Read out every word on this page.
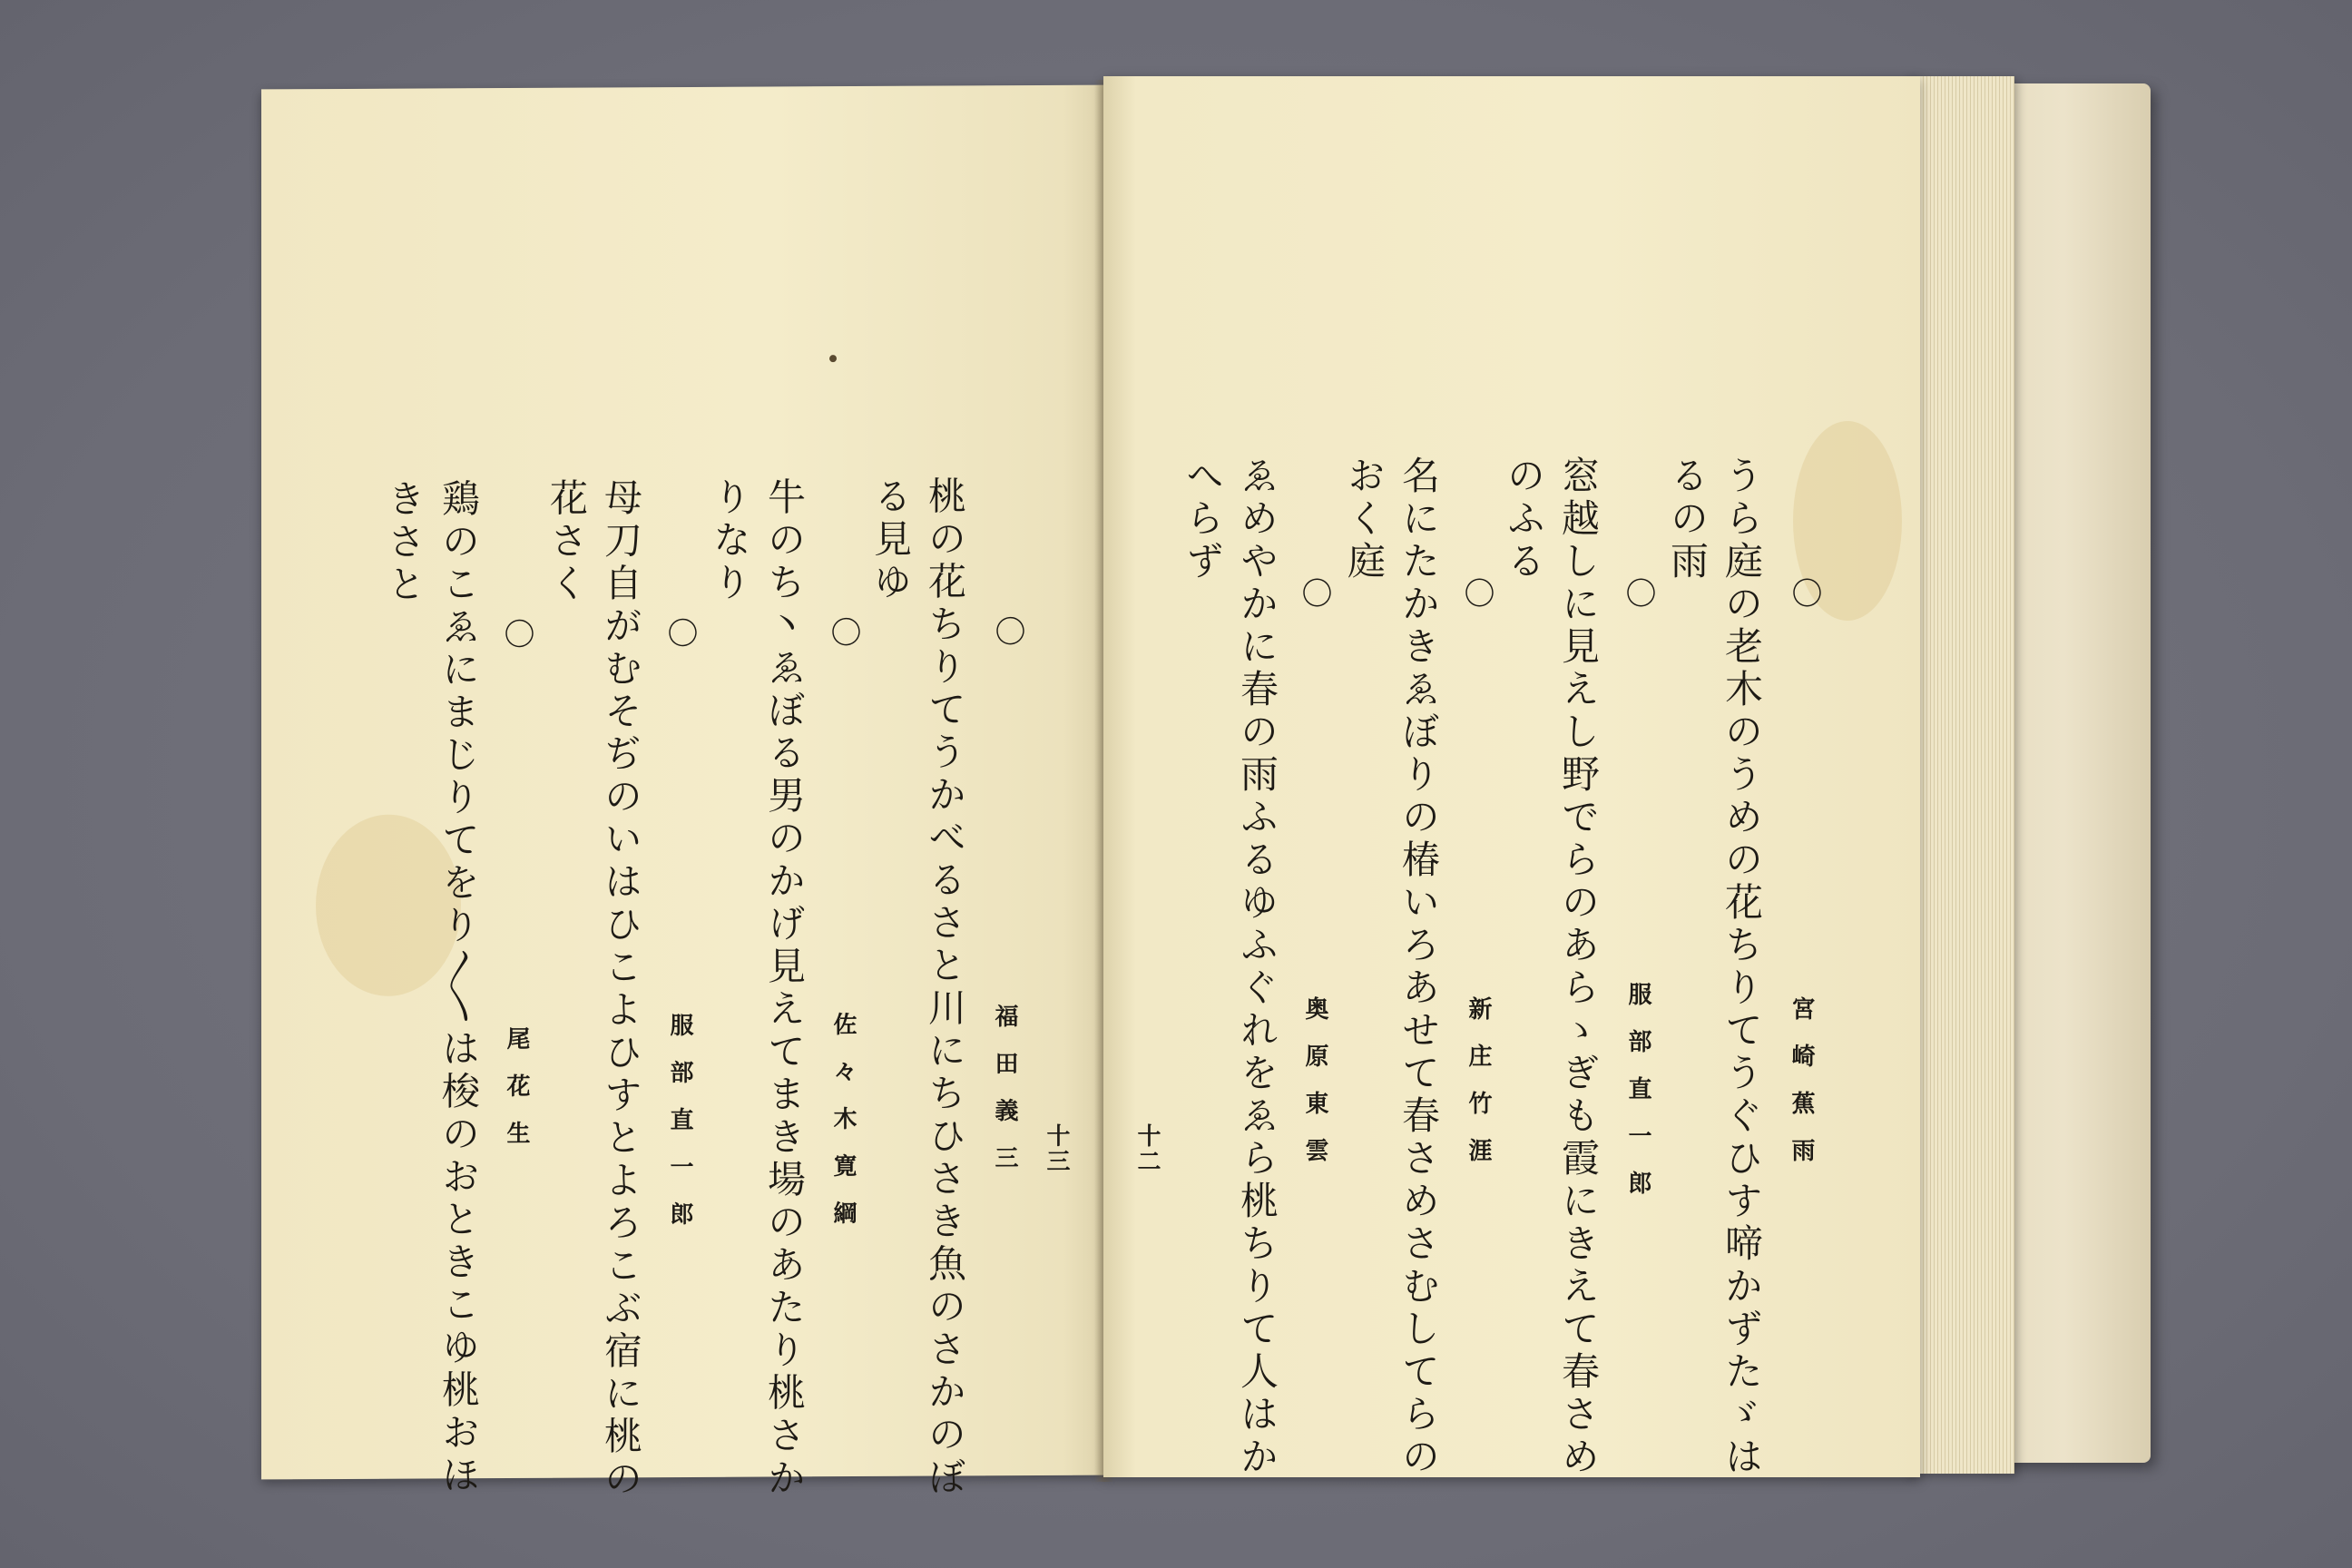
〇
桃の花ちりてうかべるさと川にちひさき魚のさかのぼ
る見ゆ
福田義三
〇
牛のち丶ゑぼる男のかげ見えてまき場のあたり桃さか
りなり
佐々木寛綱
〇
母刀自がむそぢのいはひこよひすとよろこぶ宿に桃の
花さく
服部直一郎
〇
鶏のこゑにまじりてをり〳〵は梭のおときこゆ桃おほ
きさと
尾花生	十三
〇
うら庭の老木のうめの花ちりてうぐひす啼かずたゞは
るの雨
宮崎蕉雨
〇
窓越しに見えし野でらのあらゝぎも霞にきえて春さめ
のふる
服部直一郎
〇
名にたかきゑぼりの椿いろあせて春さめさむしてらの
おく庭
新庄竹涯
〇
ゑめやかに春の雨ふるゆふぐれをゑら桃ちりて人はか
へらず
奥原東雲
十二
